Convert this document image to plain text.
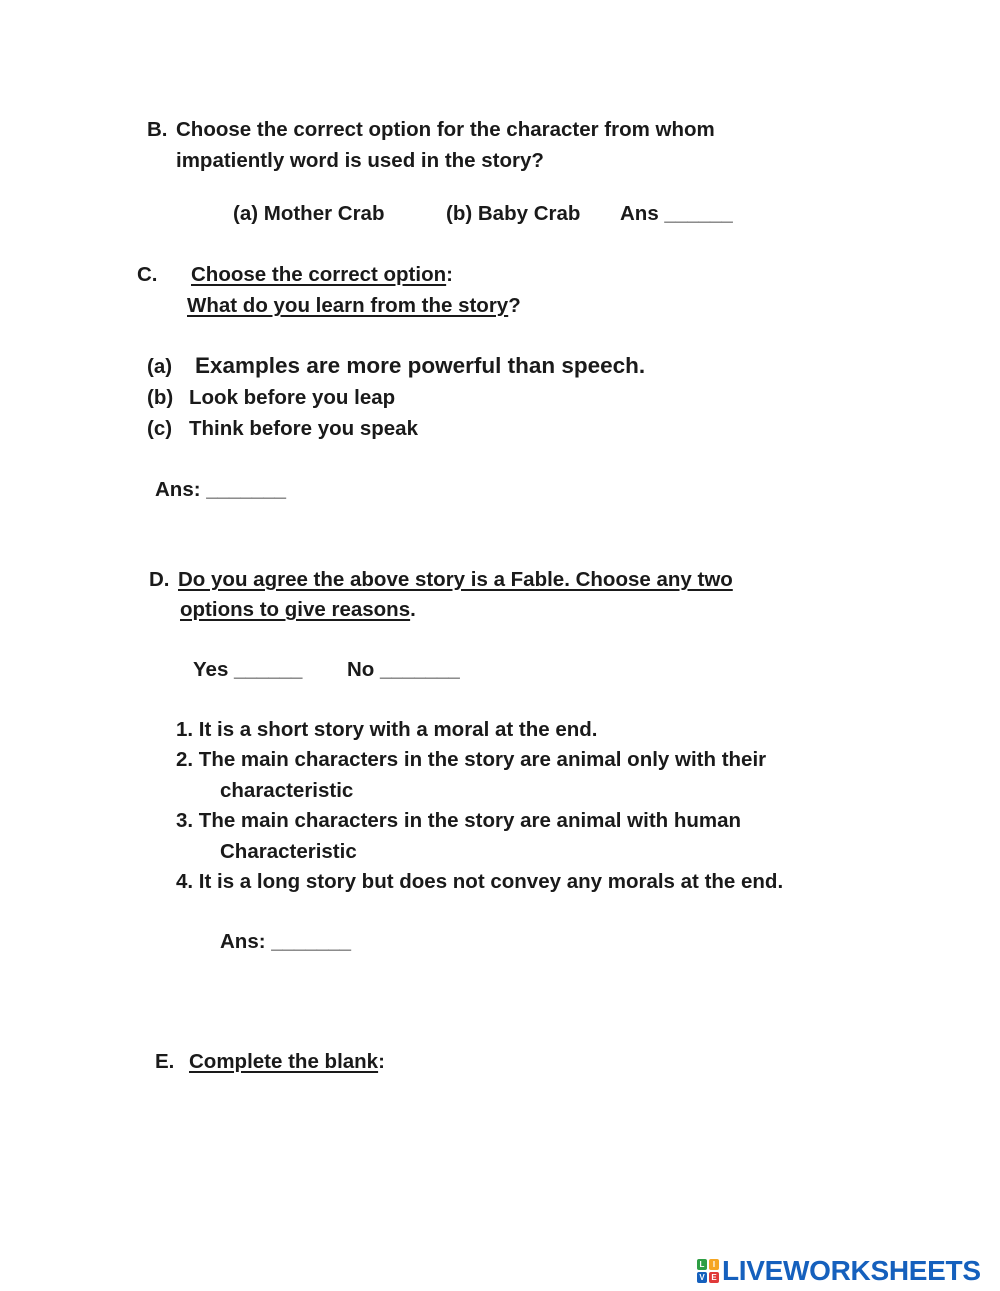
B. Choose the correct option for the character from whom
impatiently word is used in the story?
(a) Mother Crab	(b) Baby Crab Ans ______
C. Choose the correct option:
What do you learn from the story?
(a) Examples are more powerful than speech.
(b) Look before you leap
(c) Think before you speak
Ans: _______
D. Do you agree the above story is a Fable. Choose any two
options to give reasons.
Yes ______ No _______
1. It is a short story with a moral at the end.
2. The main characters in the story are animal only with their
characteristic
3. The main characters in the story are animal with human
Characteristic
4. It is a long story but does not convey any morals at the end.
Ans: _______
E. Complete the blank:
L	I
V E LIVEWORKSHEETS
